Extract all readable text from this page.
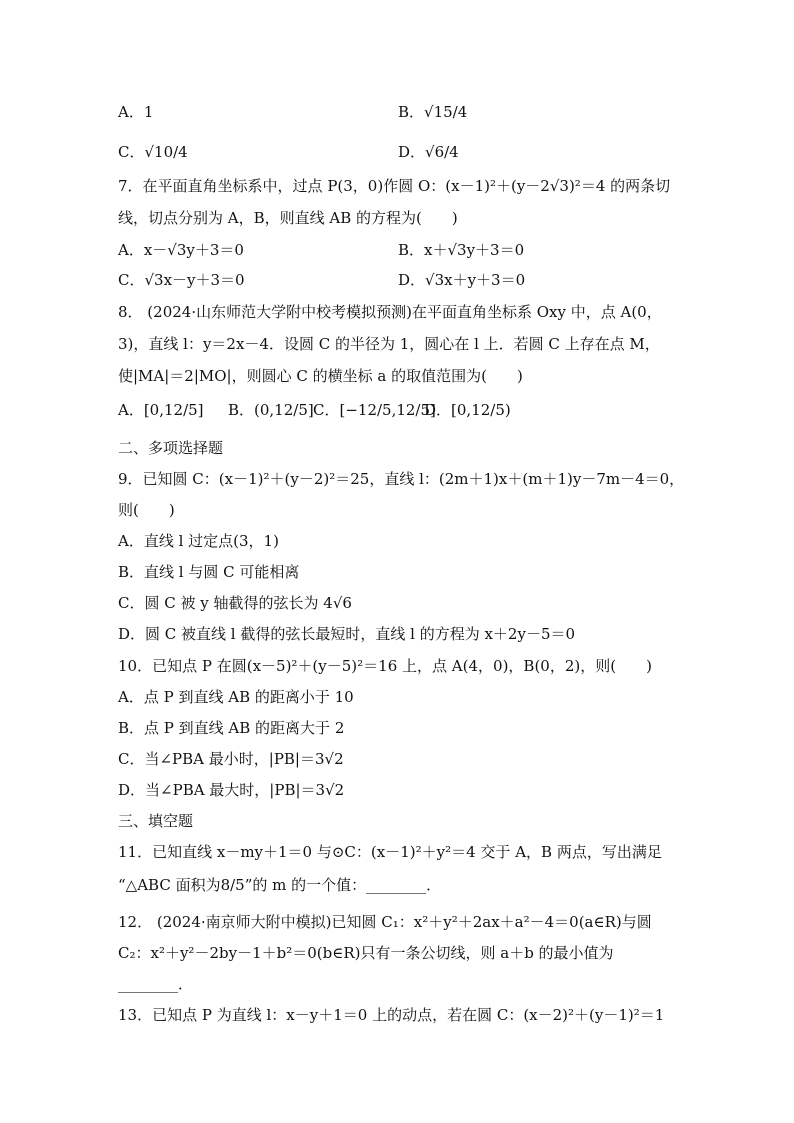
A．1	B．√15/4
C．√10/4	D．√6/4
7．在平面直角坐标系中，过点 P(3，0)作圆 O：(x－1)²＋(y－2√3)²＝4 的两条切
线，切点分别为 A，B，则直线 AB 的方程为(　　)
A．x－√3y＋3＝0	B．x＋√3y＋3＝0
C．√3x－y＋3＝0	D．√3x＋y＋3＝0
8． (2024·山东师范大学附中校考模拟预测)在平面直角坐标系 Oxy 中，点 A(0，
3)，直线 l：y＝2x－4．设圆 C 的半径为 1，圆心在 l 上．若圆 C 上存在点 M，
使|MA|＝2|MO|，则圆心 C 的横坐标 a 的取值范围为(　　)
A．[0,12/5] B．(0,12/5] C．[−12/5,12/5]
D．[0,12/5)
二、多项选择题
9．已知圆 C：(x－1)²＋(y－2)²＝25，直线 l：(2m＋1)x＋(m＋1)y－7m－4＝0，
则(　　)
A．直线 l 过定点(3，1)
B．直线 l 与圆 C 可能相离
C．圆 C 被 y 轴截得的弦长为 4√6
D．圆 C 被直线 l 截得的弦长最短时，直线 l 的方程为 x＋2y－5＝0
10．已知点 P 在圆(x－5)²＋(y－5)²＝16 上，点 A(4，0)，B(0，2)，则(　　)
A．点 P 到直线 AB 的距离小于 10
B．点 P 到直线 AB 的距离大于 2
C．当∠PBA 最小时，|PB|＝3√2
D．当∠PBA 最大时，|PB|＝3√2
三、填空题
11．已知直线 x－my＋1＝0 与⊙C：(x－1)²＋y²＝4 交于 A，B 两点，写出满足
“△ABC 面积为8/5”的 m 的一个值：________．
12． (2024·南京师大附中模拟)已知圆 C₁：x²＋y²＋2ax＋a²－4＝0(a∈R)与圆
C₂：x²＋y²－2by－1＋b²＝0(b∈R)只有一条公切线，则 a＋b 的最小值为
________．
13．已知点 P 为直线 l：x－y＋1＝0 上的动点，若在圆 C：(x－2)²＋(y－1)²＝1
